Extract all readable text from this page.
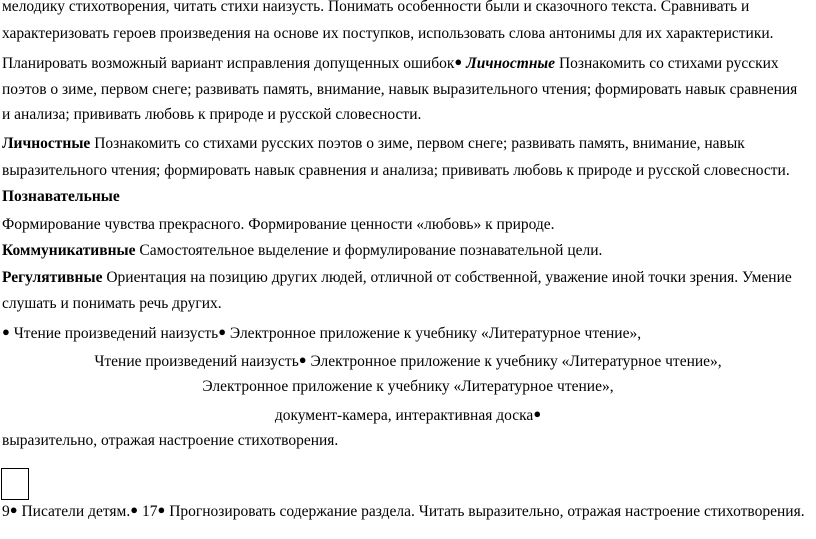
мелодику стихотворения, читать стихи наизусть. Понимать особенности были и сказочного текста. Сравнивать и
характеризовать героев произведения на основе их поступков, использовать слова антонимы для их характеристики.
Планировать возможный вариант исправления допущенных ошибок● Личностные Познакомить со стихами русских
поэтов о зиме, первом снеге; развивать память, внимание, навык выразительного чтения; формировать навык сравнения
и анализа; прививать любовь к природе и русской словесности.
Личностные Познакомить со стихами русских поэтов о зиме, первом снеге; развивать память, внимание, навык
выразительного чтения; формировать навык сравнения и анализа; прививать любовь к природе и русской словесности.
Познавательные
Формирование чувства прекрасного. Формирование ценности «любовь» к природе.
Коммуникативные Самостоятельное выделение и формулирование познавательной цели.
Регулятивные Ориентация на позицию других людей, отличной от собственной, уважение иной точки зрения. Умение
слушать и понимать речь других.
● Чтение произведений наизусть● Электронное приложение к учебнику «Литературное чтение»,
Чтение произведений наизусть● Электронное приложение к учебнику «Литературное чтение»,
Электронное приложение к учебнику «Литературное чтение»,
документ-камера, интерактивная доска●
выразительно, отражая настроение стихотворения.
9● Писатели детям.● 17● Прогнозировать содержание раздела. Читать выразительно, отражая настроение стихотворения.
